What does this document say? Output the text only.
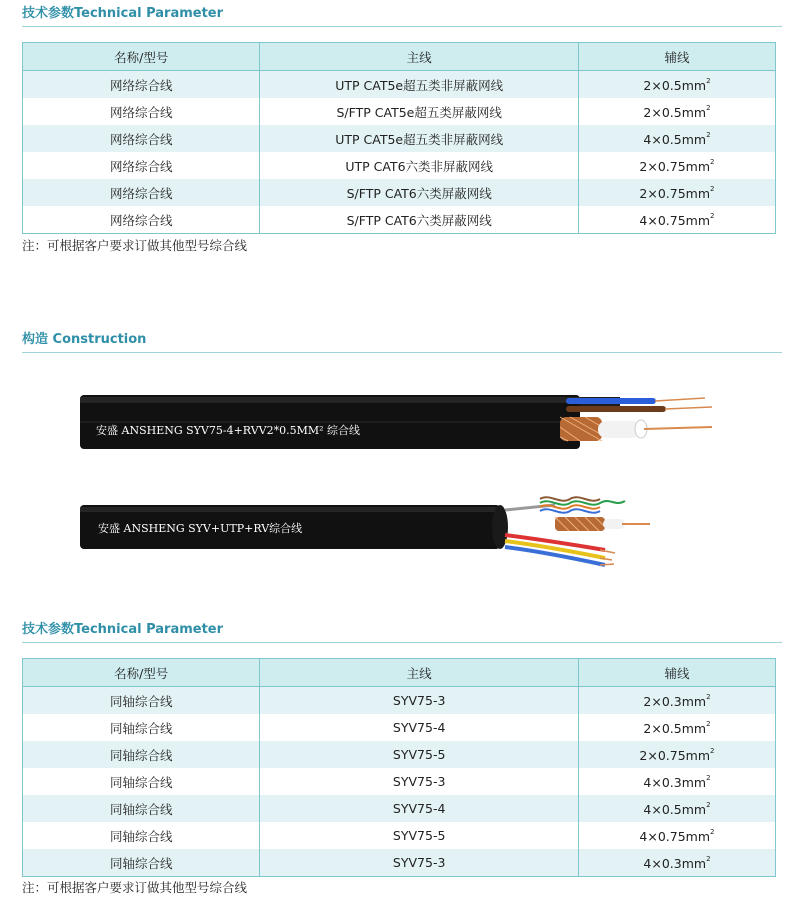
技术参数Technical Parameter
名称/型号	主线	辅线
网络综合线	UTP CAT5e超五类非屏蔽网线	$2\times 0.5mm^2$
网络综合线	S/FTP CAT5e超五类屏蔽网线	$2\times 0.5mm^2$
网络综合线	UTP CAT5e超五类非屏蔽网线	$4\times 0.5mm^2$
网络综合线	UTP CAT6六类非屏蔽网线	$2\times 0.75mm^2$
网络综合线	S/FTP CAT6六类屏蔽网线	$2\times 0.75mm^2$
网络综合线	S/FTP CAT6六类屏蔽网线	$4\times 0.75mm^2$
注：可根据客户要求订做其他型号综合线
构造 Construction
安盛 ANSHENG SYV75-4+RVV2*0.5MM² 综合线
安盛 ANSHENG SYV+UTP+RV综合线
技术参数Technical Parameter
名称/型号	主线	辅线
同轴综合线	SYV75-3	$2\times 0.3mm^2$
同轴综合线	SYV75-4	$2\times 0.5mm^2$
同轴综合线	SYV75-5	$2\times 0.75mm^2$
同轴综合线	SYV75-3	$4\times 0.3mm^2$
同轴综合线	SYV75-4	$4\times 0.5mm^2$
同轴综合线	SYV75-5	$4\times 0.75mm^2$
同轴综合线	SYV75-3	$4\times 0.3mm^2$
注：可根据客户要求订做其他型号综合线
